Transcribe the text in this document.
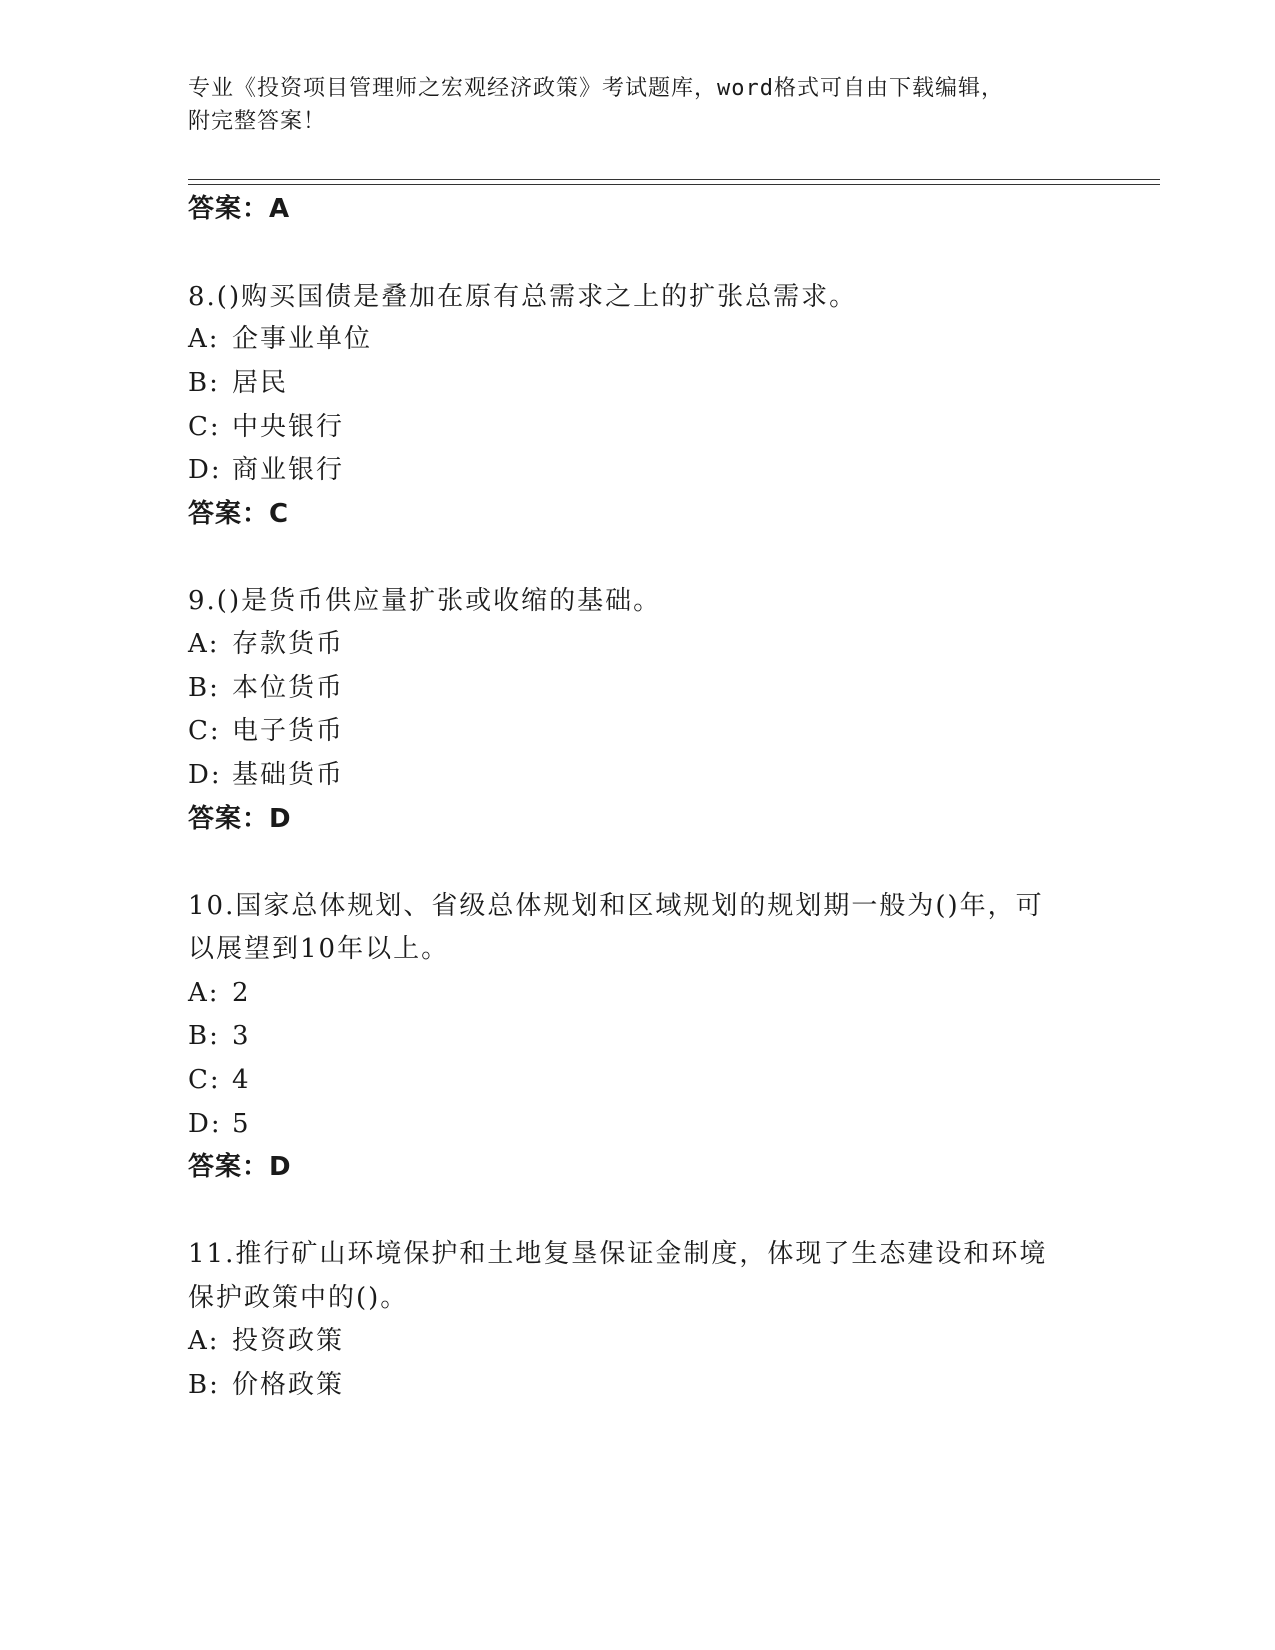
专业《投资项目管理师之宏观经济政策》考试题库，word格式可自由下载编辑，
附完整答案！
答案：A
8.()购买国债是叠加在原有总需求之上的扩张总需求。
A: 企事业单位
B: 居民
C: 中央银行
D: 商业银行
答案：C
9.()是货币供应量扩张或收缩的基础。
A: 存款货币
B: 本位货币
C: 电子货币
D: 基础货币
答案：D
10.国家总体规划、省级总体规划和区域规划的规划期一般为()年，可
以展望到10年以上。
A: 2
B: 3
C: 4
D: 5
答案：D
11.推行矿山环境保护和土地复垦保证金制度，体现了生态建设和环境
保护政策中的()。
A: 投资政策
B: 价格政策
